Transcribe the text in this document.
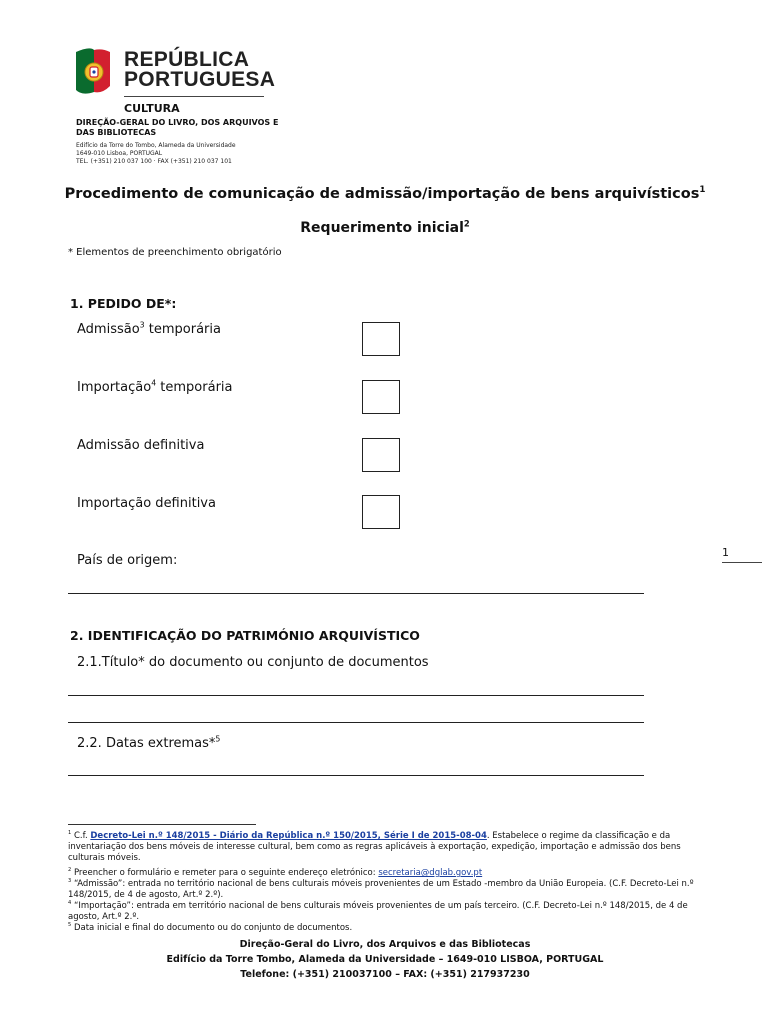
REPÚBLICA
PORTUGUESA
CULTURA
DIREÇÃO-GERAL DO LIVRO, DOS ARQUIVOS E
DAS BIBLIOTECAS
Edifício da Torre do Tombo, Alameda da Universidade
1649-010 Lisboa, PORTUGAL
TEL. (+351) 210 037 100 · FAX (+351) 210 037 101
Procedimento de comunicação de admissão/importação de bens arquivísticos$^1$
Requerimento inicial$^2$
* Elementos de preenchimento obrigatório
1. PEDIDO DE*:
Admissão$^3$ temporária
Importação$^4$ temporária
Admissão definitiva
Importação definitiva
País de origem:
1
2. IDENTIFICAÇÃO DO PATRIMÓNIO ARQUIVÍSTICO
2.1.Título* do documento ou conjunto de documentos
2.2. Datas extremas*$^5$
$^1$ C.f. Decreto-Lei n.º 148/2015 - Diário da República n.º 150/2015, Série I de 2015-08-04. Estabelece o regime da classificação e da inventariação dos bens móveis de interesse cultural, bem como as regras aplicáveis à exportação, expedição, importação e admissão dos bens culturais móveis.
$^2$ Preencher o formulário e remeter para o seguinte endereço eletrónico: secretaria@dglab.gov.pt
$^3$ “Admissão”: entrada no território nacional de bens culturais móveis provenientes de um Estado -membro da União Europeia. (C.F. Decreto-Lei n.º 148/2015, de 4 de agosto, Art.º 2.º).
$^4$ “Importação”: entrada em território nacional de bens culturais móveis provenientes de um país terceiro. (C.F. Decreto-Lei n.º 148/2015, de 4 de agosto, Art.º 2.º.
$^5$ Data inicial e final do documento ou do conjunto de documentos.
Direção-Geral do Livro, dos Arquivos e das Bibliotecas
Edifício da Torre Tombo, Alameda da Universidade – 1649-010 LISBOA, PORTUGAL
Telefone: (+351) 210037100 – FAX: (+351) 217937230
